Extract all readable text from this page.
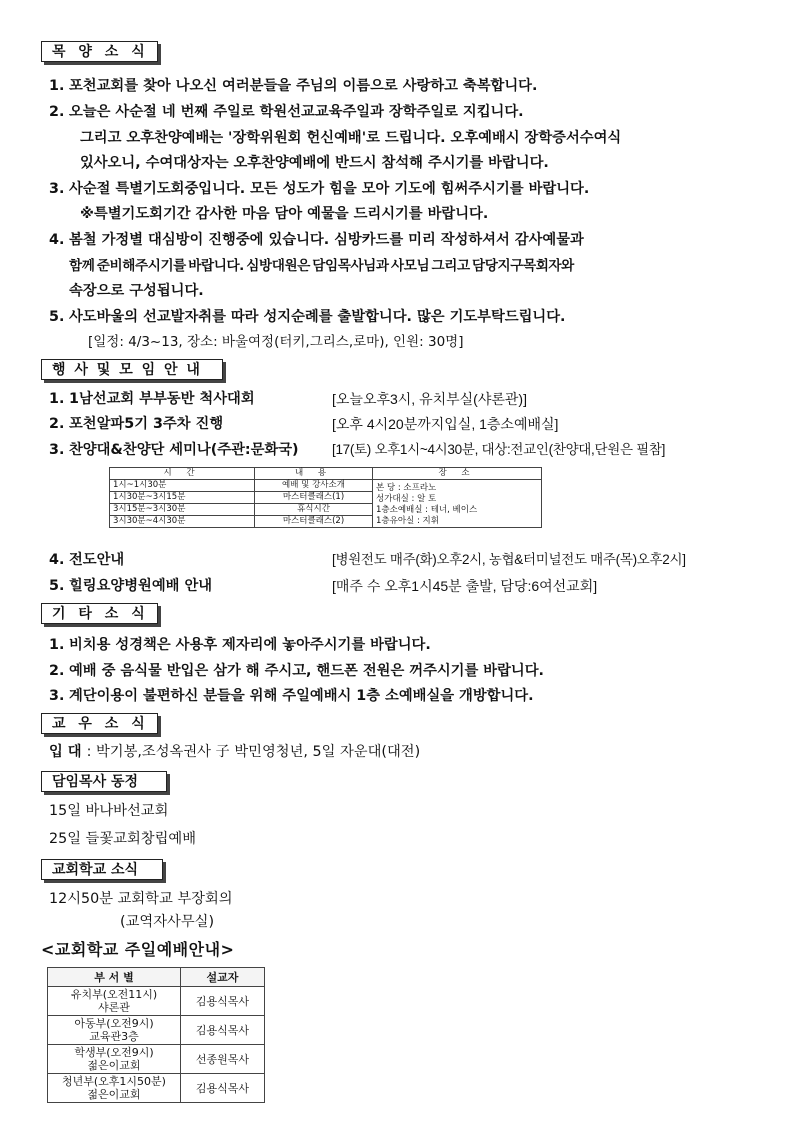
목 양 소 식
1. 포천교회를 찾아 나오신 여러분들을 주님의 이름으로 사랑하고 축복합니다.
2. 오늘은 사순절 네 번째 주일로 학원선교교육주일과 장학주일로 지킵니다.
그리고 오후찬양예배는 '장학위원회 헌신예배'로 드립니다. 오후예배시 장학증서수여식
있사오니, 수여대상자는 오후찬양예배에 반드시 참석해 주시기를 바랍니다.
3. 사순절 특별기도회중입니다. 모든 성도가 힘을 모아 기도에 힘써주시기를 바랍니다.
※특별기도회기간 감사한 마음 담아 예물을 드리시기를 바랍니다.
4. 봄철 가정별 대심방이 진행중에 있습니다. 심방카드를 미리 작성하셔서 감사예물과
함께 준비해주시기를 바랍니다. 심방대원은 담임목사님과 사모님 그리고 담당지구목회자와
속장으로 구성됩니다.
5. 사도바울의 선교발자취를 따라 성지순례를 출발합니다. 많은 기도부탁드립니다.
[일정: 4/3~13, 장소: 바울여정(터키,그리스,로마), 인원: 30명]
행 사 및 모 임 안 내
1. 1남선교회 부부동반 척사대회	[오늘오후3시, 유치부실(샤론관)]
2. 포천알파5기 3주차 진행	[오후 4시20분까지입실, 1층소예배실]
3. 찬양대&찬양단 세미나(주관:문화국) [17(토) 오후1시~4시30분, 대상:전교인(찬양대,단원은 필참]
시 간	내 용	장 소
1시~1시30분	예배 및 강사소개	본 당 : 소프라노
성가대실 : 알 토
1층소예배실 : 테너, 베이스
1층유아실 : 지휘

1시30분~3시15분	마스터클래스(1)	
3시15분~3시30분	휴식시간	
3시30분~4시30분	마스터클래스(2)	
4. 전도안내	[병원전도 매주(화)오후2시, 농협&터미널전도 매주(목)오후2시]
5. 힐링요양병원예배 안내	[매주 수 오후1시45분 출발, 담당:6여선교회]
기 타 소 식
1. 비치용 성경책은 사용후 제자리에 놓아주시기를 바랍니다.
2. 예배 중 음식물 반입은 삼가 해 주시고, 핸드폰 전원은 꺼주시기를 바랍니다.
3. 계단이용이 불편하신 분들을 위해 주일예배시 1층 소예배실을 개방합니다.
교 우 소 식
입 대 : 박기봉,조성옥권사 子 박민영청년, 5일 자운대(대전)
담임목사 동정
15일 바나바선교회
25일 들꽃교회창립예배
교회학교 소식
12시50분 교회학교 부장회의
(교역자사무실)
<교회학교 주일예배안내>
부 서 별	설교자

유치부(오전11시)
샤론관	김용식목사

아동부(오전9시)
교육관3층	김용식목사

학생부(오전9시)
젊은이교회	선종원목사

청년부(오후1시50분)
젊은이교회	김용식목사
